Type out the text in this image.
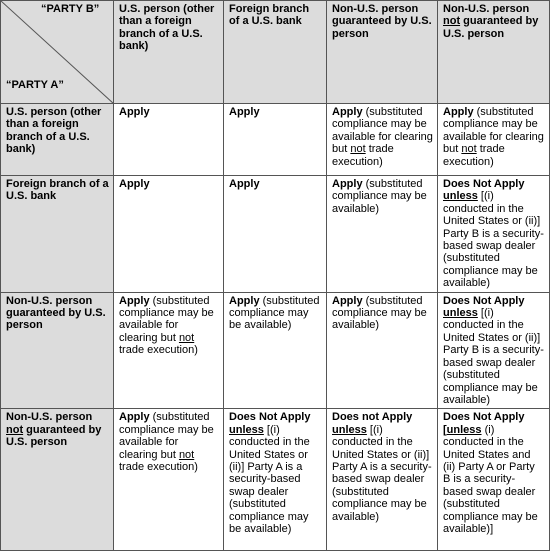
“PARTY B”
“PARTY A”	U.S. person (other than a foreign branch of a U.S. bank)	Foreign branch of a U.S. bank	Non-U.S. person guaranteed by U.S. person	Non-U.S. person not guaranteed by U.S. person
U.S. person (other than a foreign branch of a U.S. bank)	Apply	Apply	Apply (substituted compliance may be available for clearing but not trade execution)	Apply (substituted compliance may be available for clearing but not trade execution)
Foreign branch of a U.S. bank	Apply	Apply	Apply (substituted compliance may be available)	Does Not Apply
unless [(i) conducted in the United States or (ii)] Party B is a security-based swap dealer (substituted compliance may be available)
Non-U.S. person guaranteed by U.S. person	Apply (substituted compliance may be available for clearing but not trade execution)	Apply (substituted compliance may be available)	Apply (substituted compliance may be available)	Does Not Apply
unless [(i) conducted in the United States or (ii)] Party B is a security-based swap dealer (substituted compliance may be available)
Non-U.S. person not guaranteed by U.S. person	Apply (substituted compliance may be available for clearing but not trade execution)	Does Not Apply
unless [(i) conducted in the United States or (ii)] Party A is a security-based swap dealer (substituted compliance may be available)	Does not Apply
unless [(i) conducted in the United States or (ii)] Party A is a security-based swap dealer (substituted compliance may be available)	Does Not Apply
[unless (i) conducted in the United States and (ii) Party A or Party B is a security-based swap dealer (substituted compliance may be available)]
